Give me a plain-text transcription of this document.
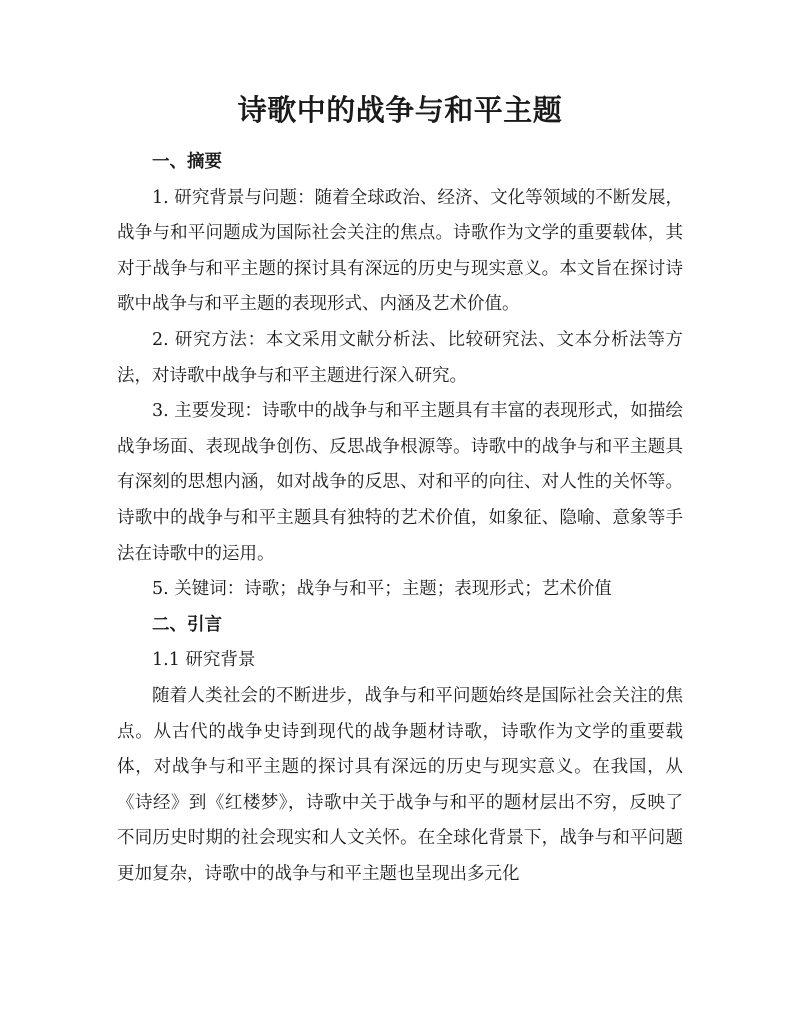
诗歌中的战争与和平主题
一、摘要

1. 研究背景与问题：随着全球政治、经济、文化等领域的不断发展，战争与和平问题成为国际社会关注的焦点。诗歌作为文学的重要载体，其对于战争与和平主题的探讨具有深远的历史与现实意义。本文旨在探讨诗歌中战争与和平主题的表现形式、内涵及艺术价值。

2. 研究方法：本文采用文献分析法、比较研究法、文本分析法等方法，对诗歌中战争与和平主题进行深入研究。

3. 主要发现：诗歌中的战争与和平主题具有丰富的表现形式，如描绘战争场面、表现战争创伤、反思战争根源等。诗歌中的战争与和平主题具有深刻的思想内涵，如对战争的反思、对和平的向往、对人性的关怀等。诗歌中的战争与和平主题具有独特的艺术价值，如象征、隐喻、意象等手法在诗歌中的运用。

5. 关键词：诗歌；战争与和平；主题；表现形式；艺术价值

二、引言

1.1 研究背景

随着人类社会的不断进步，战争与和平问题始终是国际社会关注的焦点。从古代的战争史诗到现代的战争题材诗歌，诗歌作为文学的重要载体，对战争与和平主题的探讨具有深远的历史与现实意义。在我国，从《诗经》到《红楼梦》，诗歌中关于战争与和平的题材层出不穷，反映了不同历史时期的社会现实和人文关怀。在全球化背景下，战争与和平问题更加复杂，诗歌中的战争与和平主题也呈现出多元化
